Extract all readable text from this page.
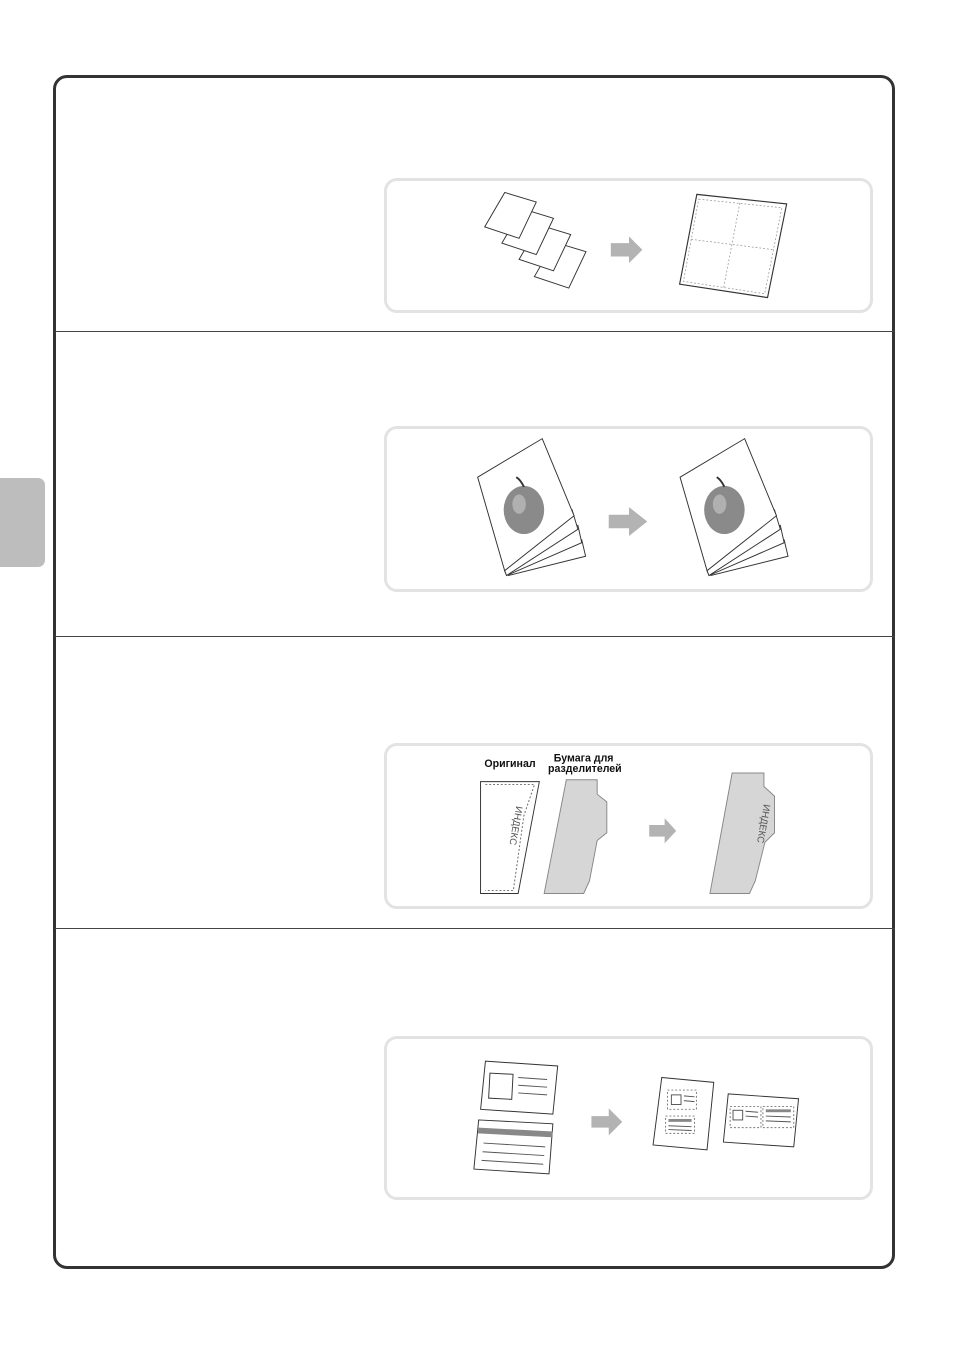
Оригинал Бумага для
разделителей
ИНДЕКС	ИНДЕКС
